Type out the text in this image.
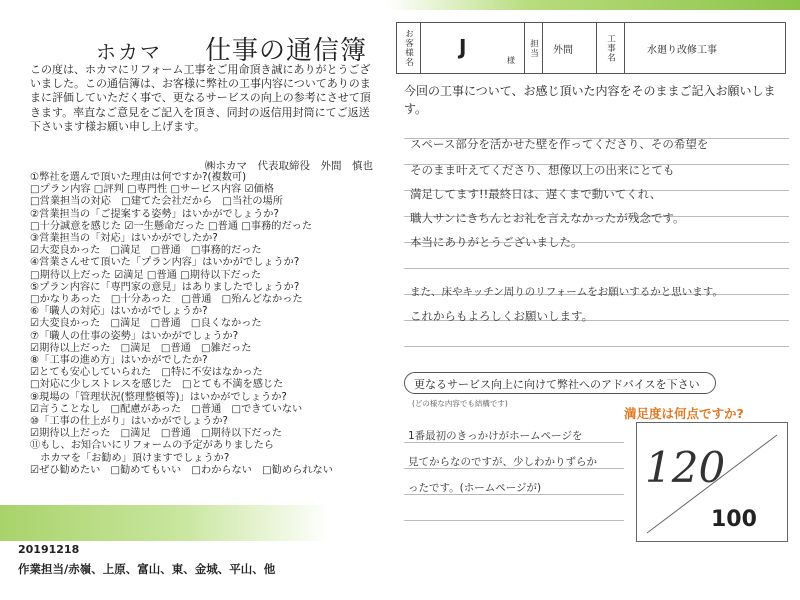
ホカマ 仕事の通信簿
この度は、ホカマにリフォーム工事をご用命頂き誠にありがとうございました。この通信簿は、お客様に弊社の工事内容についてありのままに評価していただく事で、更なるサービスの向上の参考にさせて頂きます。率直なご意見をご記入を頂き、同封の返信用封筒にてご返送下さいます様お願い申し上げます。
㈱ホカマ　代表取締役　外間　慎也
①弊社を選んで頂いた理由は何ですか?(複数可)
□プラン内容 □評判 □専門性 □サービス内容 ☑価格
□営業担当の対応　□建てた会社だから　□当社の場所
②営業担当の「ご提案する姿勢」はいかがでしょうか?
□十分誠意を感じた ☑一生懸命だった □普通 □事務的だった
③営業担当の「対応」はいかがでしたか?
☑大変良かった　□満足　□普通　□事務的だった
④営業さんせて頂いた「プラン内容」はいかがでしょうか?
□期待以上だった ☑満足 □普通 □期待以下だった
⑤プラン内容に「専門家の意見」はありましたでしょうか?
□かなりあった　□十分あった　□普通　□殆んどなかった
⑥「職人の対応」はいかがでしょうか?
☑大変良かった　□満足　□普通　□良くなかった
⑦「職人の仕事の姿勢」はいかがでしょうか?
☑期待以上だった　□満足　□普通　□雑だった
⑧「工事の進め方」はいかがでしたか?
☑とても安心していられた　□特に不安はなかった
□対応に少しストレスを感じた　□とても不満を感じた
⑨現場の「管理状況(整理整頓等)」はいかがでしょうか?
☑言うことなし　□配慮があった　□普通　□できていない
⑩「工事の仕上がり」はいかがでしょうか?
☑期待以上だった　□満足　□普通　□期待以下だった
⑪もし、お知合いにリフォームの予定がありましたら
　ホカマを「お勧め」頂けますでしょうか?
☑ぜひ勧めたい　□勧めてもいい　□わからない　□勧められない
お客様名	J
様
担当	外間	工事名	水廻り改修工事
今回の工事について、お感じ頂いた内容をそのままご記入お願いします。
スペース部分を活かせた壁を作ってくださり、その希望を
そのまま叶えてくださり、想像以上の出来にとても
満足してます!!最終日は、遅くまで動いてくれ、
職人サンにきちんとお礼を言えなかったが残念です。
本当にありがとうございました。
また、床やキッチン周りのリフォームをお願いするかと思います。
これからもよろしくお願いします。
更なるサービス向上に向けて弊社へのアドバイスを下さい
(どの様な内容でも結構です)
1番最初のきっかけがホームページを
見てからなのですが、少しわかりずらか
ったです。(ホームページが)
満足度は何点ですか?
120
100
20191218
作業担当/赤嶺、上原、富山、東、金城、平山、他
